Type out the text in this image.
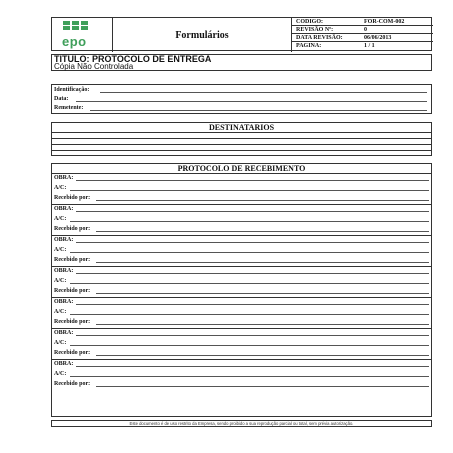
epo	Formulários
CODIGO:	FOR-COM-002
REVISÃO Nº:	0
DATA REVISÃO:	06/06/2013
PAGINA:	1 / 1
TITULO: PROTOCOLO DE ENTREGA
Cópia Não Controlada
Identificação:
Data:
Remetente:
DESTINATARIOS
PROTOCOLO DE RECEBIMENTO
OBRA:
A/C:
Recebido por:
OBRA:
A/C:
Recebido por:
OBRA:
A/C:
Recebido por:
OBRA:
A/C:
Recebido por:
OBRA:
A/C:
Recebido por:
OBRA:
A/C:
Recebido por:
OBRA:
A/C:
Recebido por:
Este documento é de uso restrito da Empresa, sendo proibido a sua reprodução parcial ou total, sem prévia autorização.
